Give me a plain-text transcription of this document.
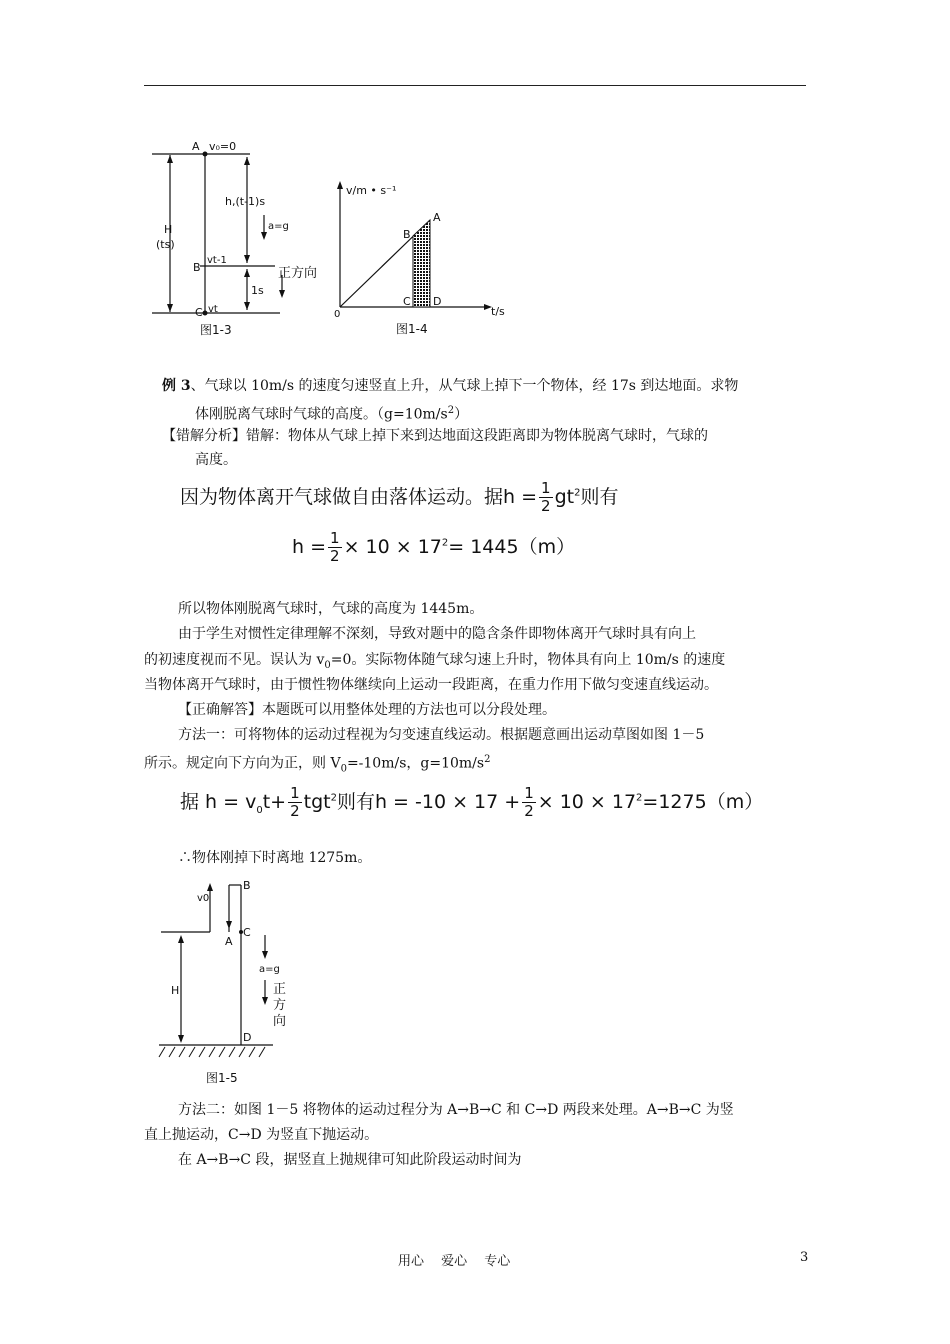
A v₀=0
h,(t-1)s
a=g
H
(ts)
vt-1
B	正方向
1s
C vt
图1-3
v/m • s⁻¹
A
B
C D
0	t/s
图1-4
例 3、气球以 10m/s 的速度匀速竖直上升，从气球上掉下一个物体，经 17s 到达地面。求物
体刚脱离气球时气球的高度。$(g=10m/s^2)$
【错解分析】错解：物体从气球上掉下来到达地面这段距离即为物体脱离气球时，气球的
高度。
因为物体离开气球做自由落体运动。据$h = \frac{1}{2} gt^2$则有
$h = \frac{1}{2} \times 10 \times 17^2= 1445(m)$
所以物体刚脱离气球时，气球的高度为 1445m。
由于学生对惯性定律理解不深刻，导致对题中的隐含条件即物体离开气球时具有向上
的初速度视而不见。误认为 $v_0=0$。实际物体随气球匀速上升时，物体具有向上 10m/s 的速度
当物体离开气球时，由于惯性物体继续向上运动一段距离，在重力作用下做匀变速直线运动。
【正确解答】本题既可以用整体处理的方法也可以分段处理。
方法一：可将物体的运动过程视为匀变速直线运动。根据题意画出运动草图如图 1－5
所示。规定向下方向为正，则 $V_0=-10m/s$，$g=10m/s^2$
据 $h = v_0t+ \frac{1}{2} tgt^2$则有$h = -10 \times 17 + \frac{1}{2} \times 10 \times 17^2=1275(m)$
∴物体刚掉下时离地 1275m。
v0
B
C
A
a=g
H	正
方
向
D
图1-5
方法二：如图 1－5 将物体的运动过程分为 A→B→C 和 C→D 两段来处理。A→B→C 为竖
直上抛运动，C→D 为竖直下抛运动。
在 A→B→C 段，据竖直上抛规律可知此阶段运动时间为
用心　 爱心　 专心	3
